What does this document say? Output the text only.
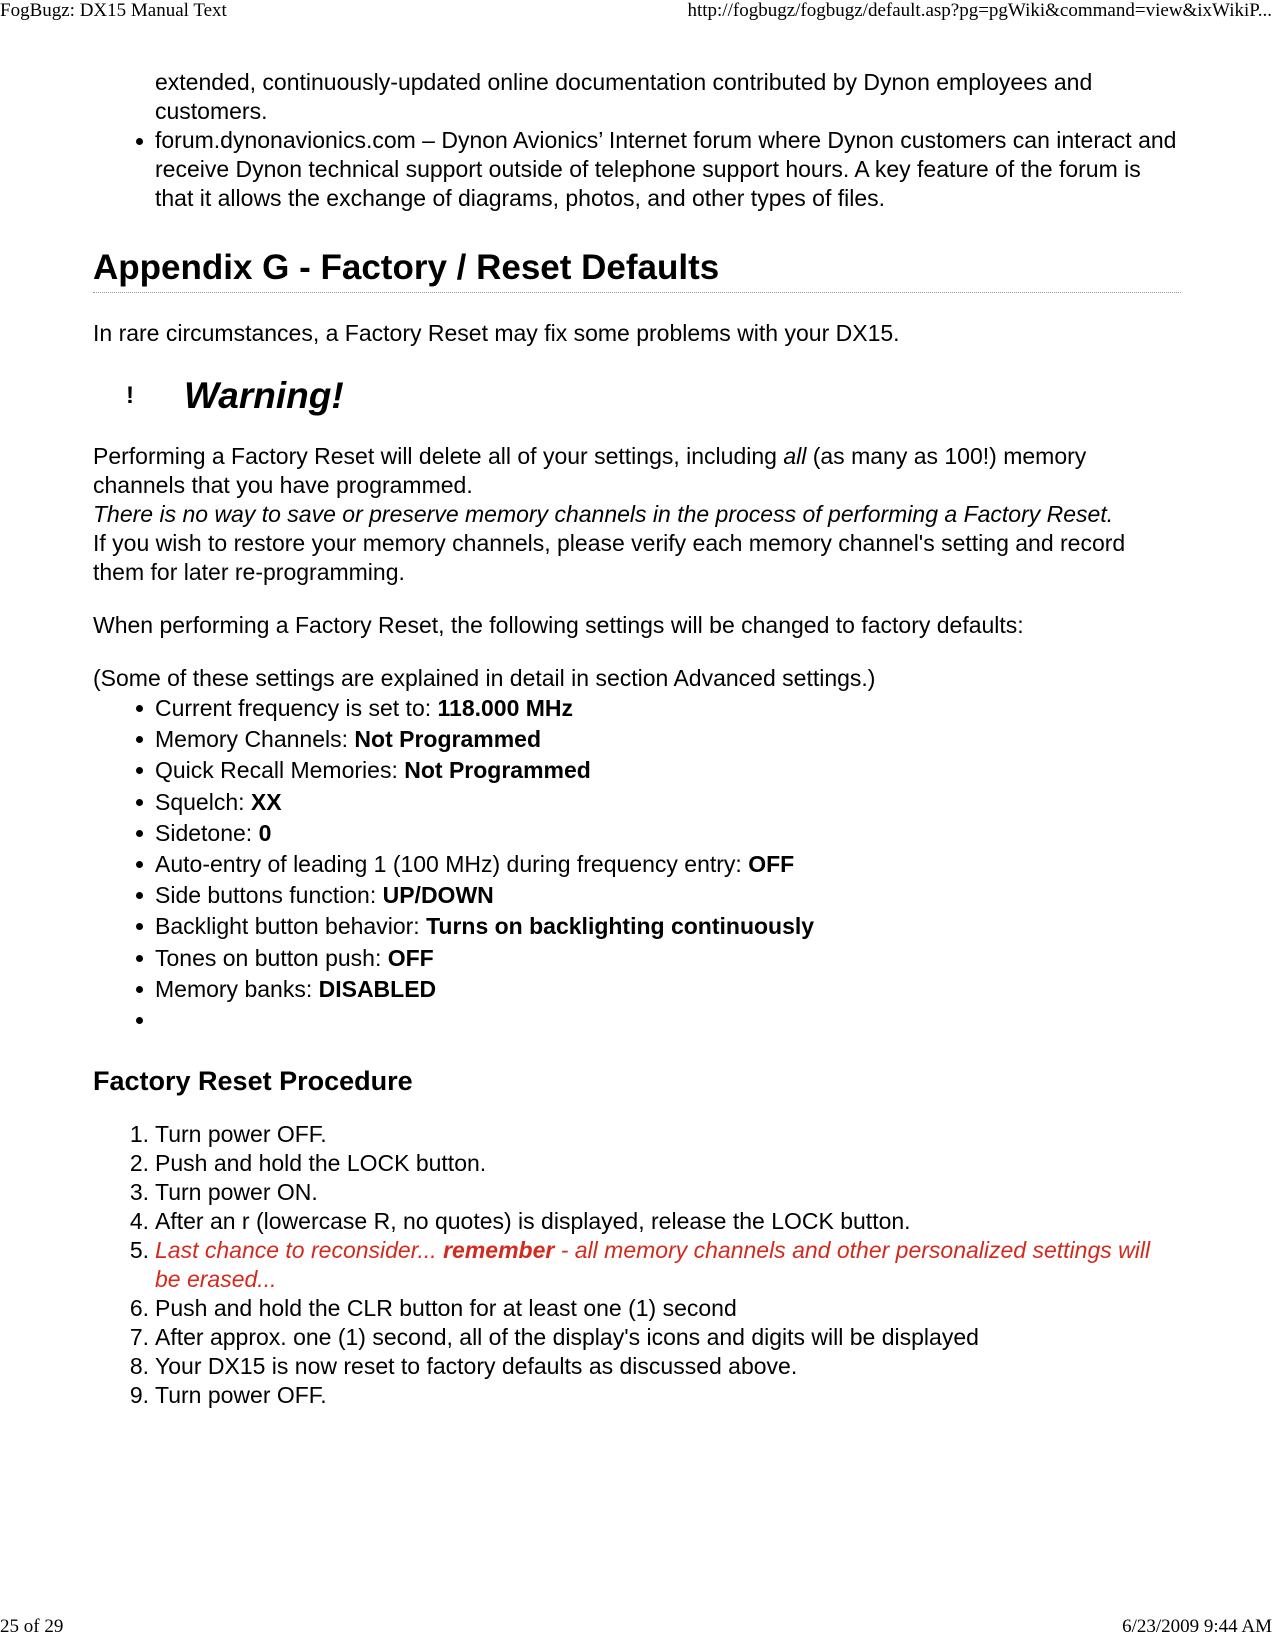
FogBugz: DX15 Manual Text	http://fogbugz/fogbugz/default.asp?pg=pgWiki&command=view&ixWikiP...
extended, continuously-updated online documentation contributed by Dynon employees and customers.
forum.dynonavionics.com – Dynon Avionics’ Internet forum where Dynon customers can interact and receive Dynon technical support outside of telephone support hours. A key feature of the forum is that it allows the exchange of diagrams, photos, and other types of files.
Appendix G - Factory / Reset Defaults

In rare circumstances, a Factory Reset may fix some problems with your DX15.

!	Warning!

Performing a Factory Reset will delete all of your settings, including all (as many as 100!) memory channels that you have programmed.

There is no way to save or preserve memory channels in the process of performing a Factory Reset.

If you wish to restore your memory channels, please verify each memory channel's setting and record them for later re-programming.

When performing a Factory Reset, the following settings will be changed to factory defaults:

(Some of these settings are explained in detail in section Advanced settings.)

Current frequency is set to: 118.000 MHz
Memory Channels: Not Programmed
Quick Recall Memories: Not Programmed
Squelch: XX
Sidetone: 0
Auto-entry of leading 1 (100 MHz) during frequency entry: OFF
Side buttons function: UP/DOWN
Backlight button behavior: Turns on backlighting continuously
Tones on button push: OFF
Memory banks: DISABLED
Factory Reset Procedure
1. Turn power OFF.
2. Push and hold the LOCK button.
3. Turn power ON.
4. After an r (lowercase R, no quotes) is displayed, release the LOCK button.
5. Last chance to reconsider... remember - all memory channels and other personalized settings will be erased...
6. Push and hold the CLR button for at least one (1) second
7. After approx. one (1) second, all of the display's icons and digits will be displayed
8. Your DX15 is now reset to factory defaults as discussed above.
9. Turn power OFF.
25 of 29	6/23/2009 9:44 AM
